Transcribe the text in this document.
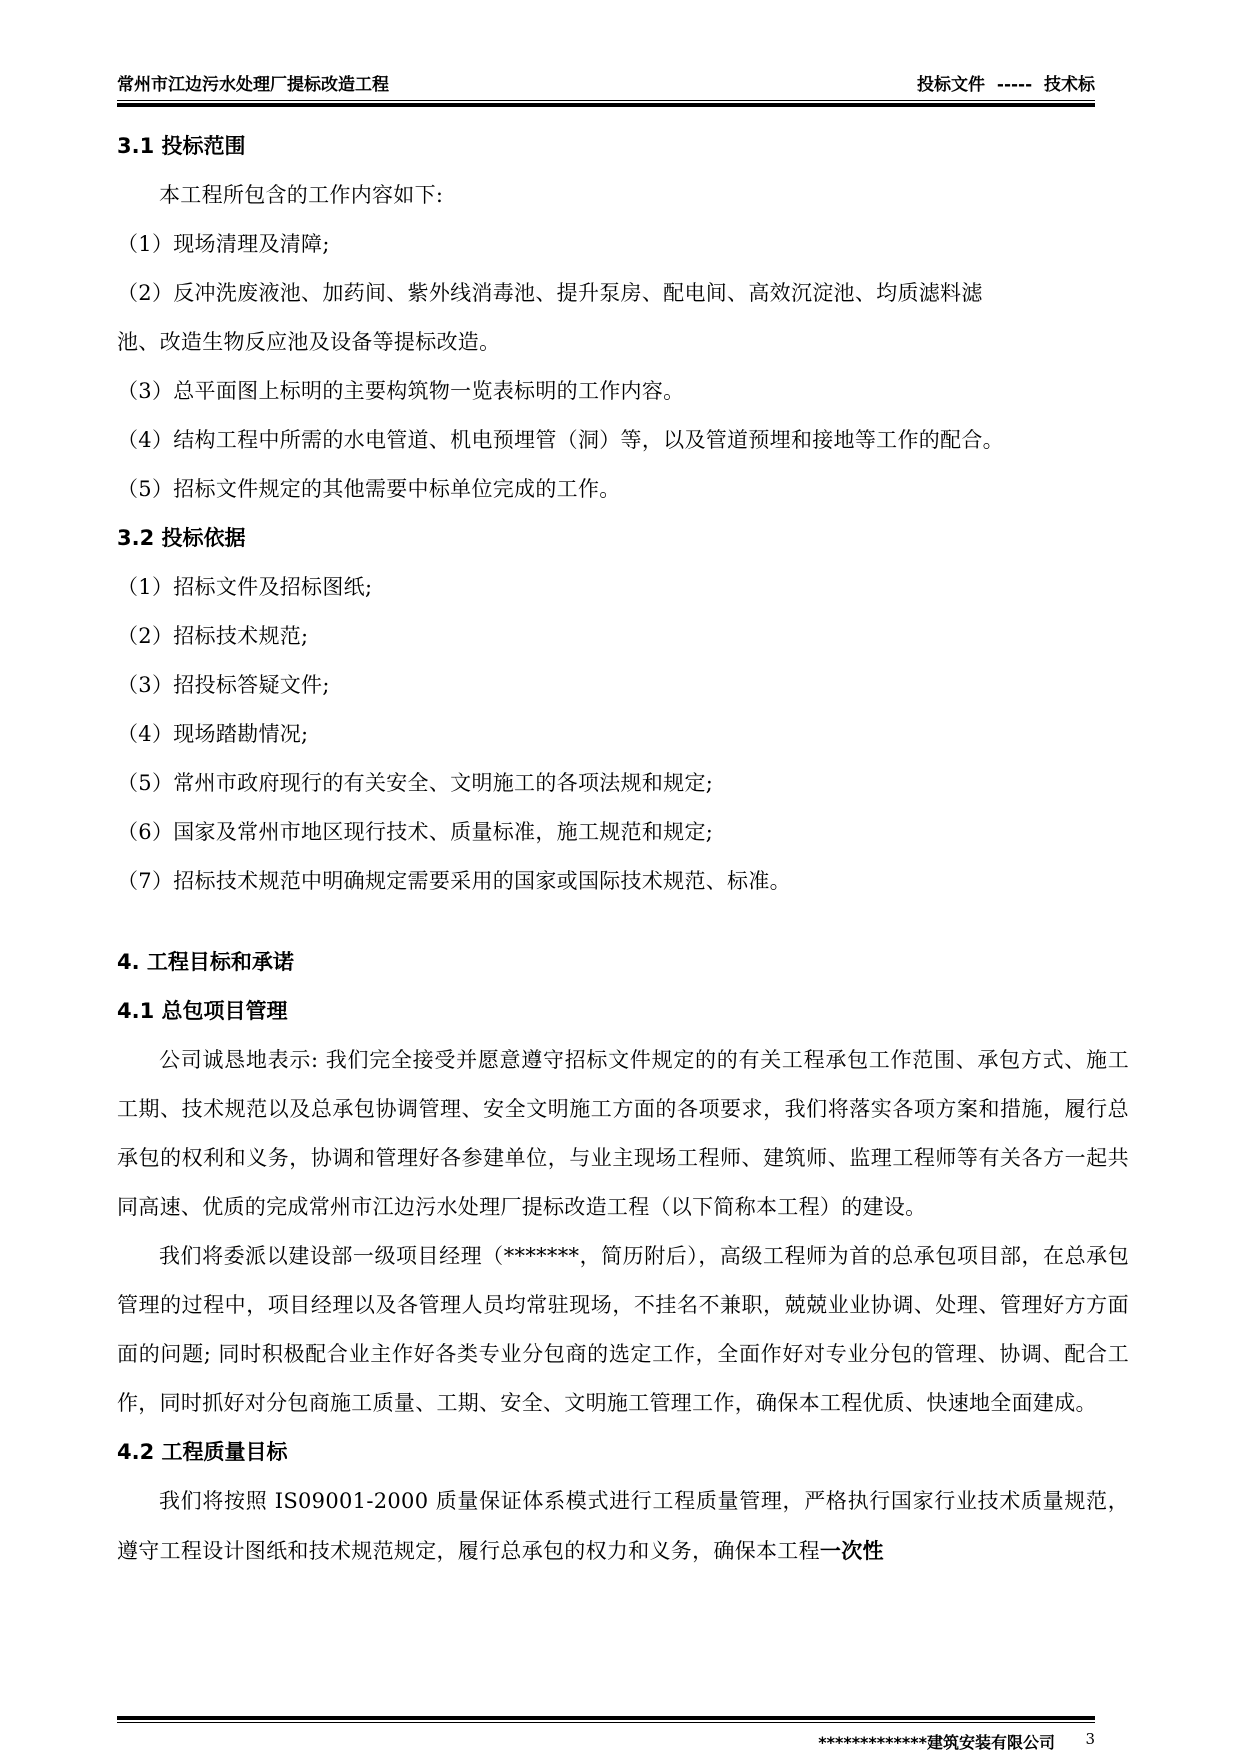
常州市江边污水处理厂提标改造工程	投标文件  -----  技术标
3.1 投标范围
本工程所包含的工作内容如下:
（1）现场清理及清障;
（2）反冲洗废液池、加药间、紫外线消毒池、提升泵房、配电间、高效沉淀池、均质滤料滤
池、改造生物反应池及设备等提标改造。
（3）总平面图上标明的主要构筑物一览表标明的工作内容。
（4）结构工程中所需的水电管道、机电预埋管（洞）等，以及管道预埋和接地等工作的配合。
（5）招标文件规定的其他需要中标单位完成的工作。
3.2 投标依据
（1）招标文件及招标图纸;
（2）招标技术规范;
（3）招投标答疑文件;
（4）现场踏勘情况;
（5）常州市政府现行的有关安全、文明施工的各项法规和规定;
（6）国家及常州市地区现行技术、质量标准，施工规范和规定;
（7）招标技术规范中明确规定需要采用的国家或国际技术规范、标准。
4. 工程目标和承诺
4.1 总包项目管理
公司诚恳地表示: 我们完全接受并愿意遵守招标文件规定的的有关工程承包工作范围、承包方式、施工工期、技术规范以及总承包协调管理、安全文明施工方面的各项要求，我们将落实各项方案和措施，履行总承包的权利和义务，协调和管理好各参建单位，与业主现场工程师、建筑师、监理工程师等有关各方一起共同高速、优质的完成常州市江边污水处理厂提标改造工程（以下简称本工程）的建设。
我们将委派以建设部一级项目经理（*******，简历附后），高级工程师为首的总承包项目部，在总承包管理的过程中，项目经理以及各管理人员均常驻现场，不挂名不兼职，兢兢业业协调、处理、管理好方方面面的问题; 同时积极配合业主作好各类专业分包商的选定工作，全面作好对专业分包的管理、协调、配合工作，同时抓好对分包商施工质量、工期、安全、文明施工管理工作，确保本工程优质、快速地全面建成。
4.2 工程质量目标
我们将按照 IS09001-2000 质量保证体系模式进行工程质量管理，严格执行国家行业技术质量规范，遵守工程设计图纸和技术规范规定，履行总承包的权力和义务，确保本工程一次性
*************建筑安装有限公司 3
